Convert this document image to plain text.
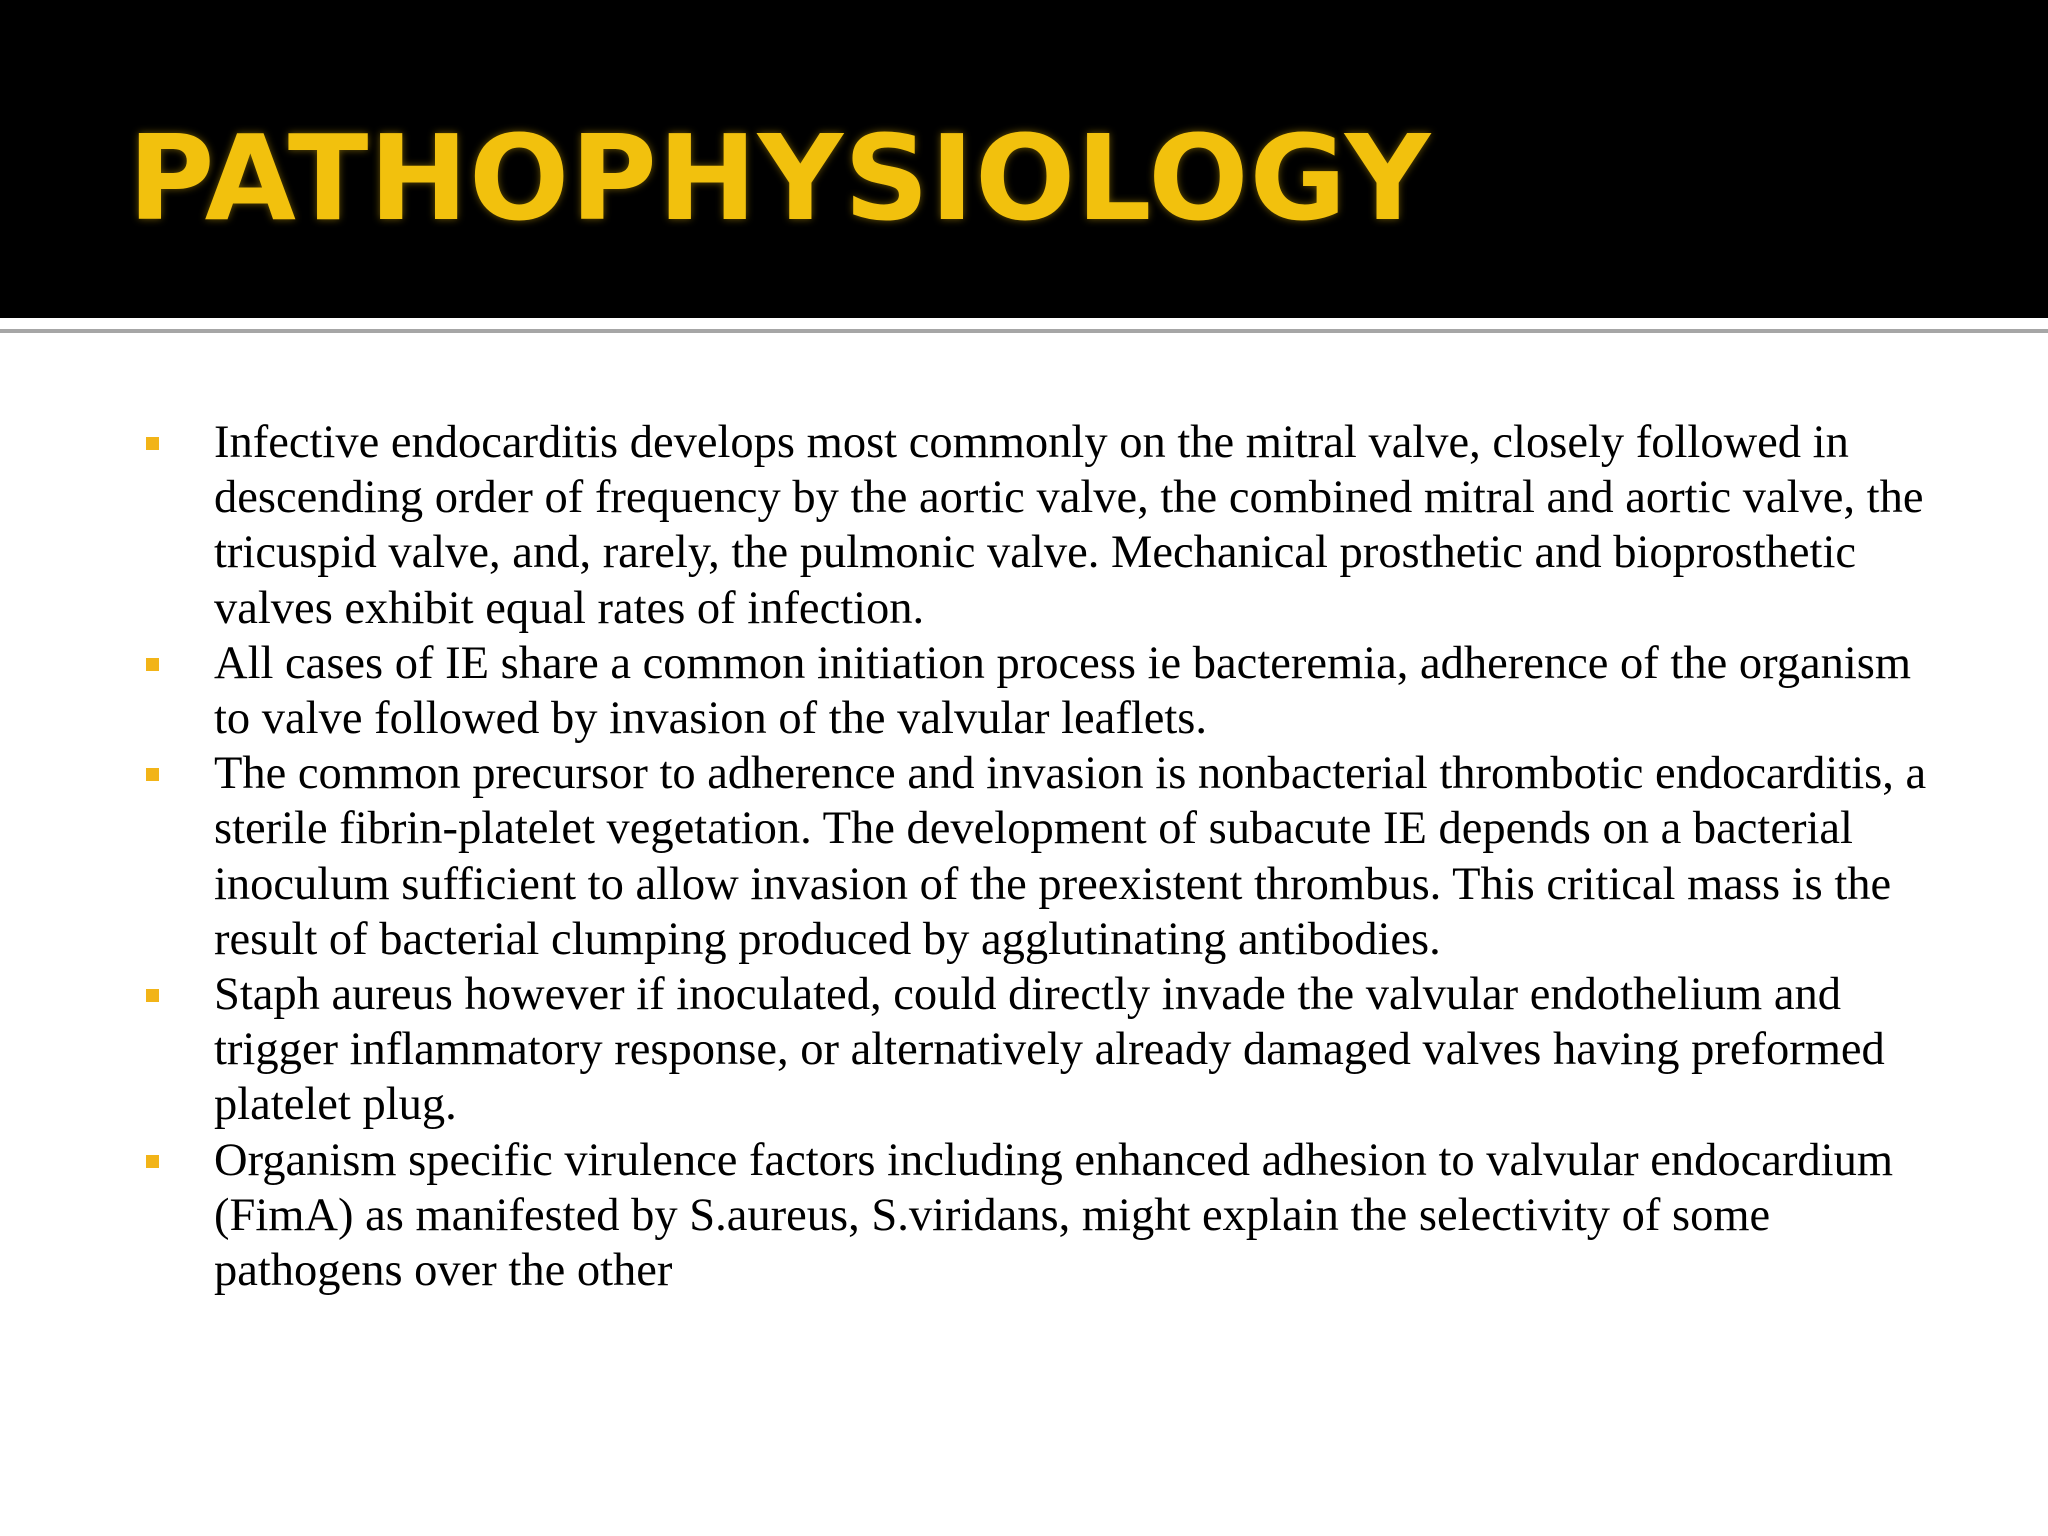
PATHOPHYSIOLOGY
Infective endocarditis develops most commonly on the mitral valve, closely followed in descending order of frequency by the aortic valve, the combined mitral and aortic valve, the tricuspid valve, and, rarely, the pulmonic valve. Mechanical prosthetic and bioprosthetic valves exhibit equal rates of infection.
All cases of IE share a common initiation process ie bacteremia, adherence of the organism to valve followed by invasion of the valvular leaflets.
The common precursor to adherence and invasion is nonbacterial thrombotic endocarditis, a sterile fibrin-platelet vegetation. The development of subacute IE depends on a bacterial inoculum sufficient to allow invasion of the preexistent thrombus. This critical mass is the result of bacterial clumping produced by agglutinating antibodies.
Staph aureus however if inoculated, could directly invade the valvular endothelium and trigger inflammatory response, or alternatively already damaged valves having preformed platelet plug.
Organism specific virulence factors including enhanced adhesion to valvular endocardium (FimA) as manifested by S.aureus, S.viridans, might explain the selectivity of some pathogens over the other
